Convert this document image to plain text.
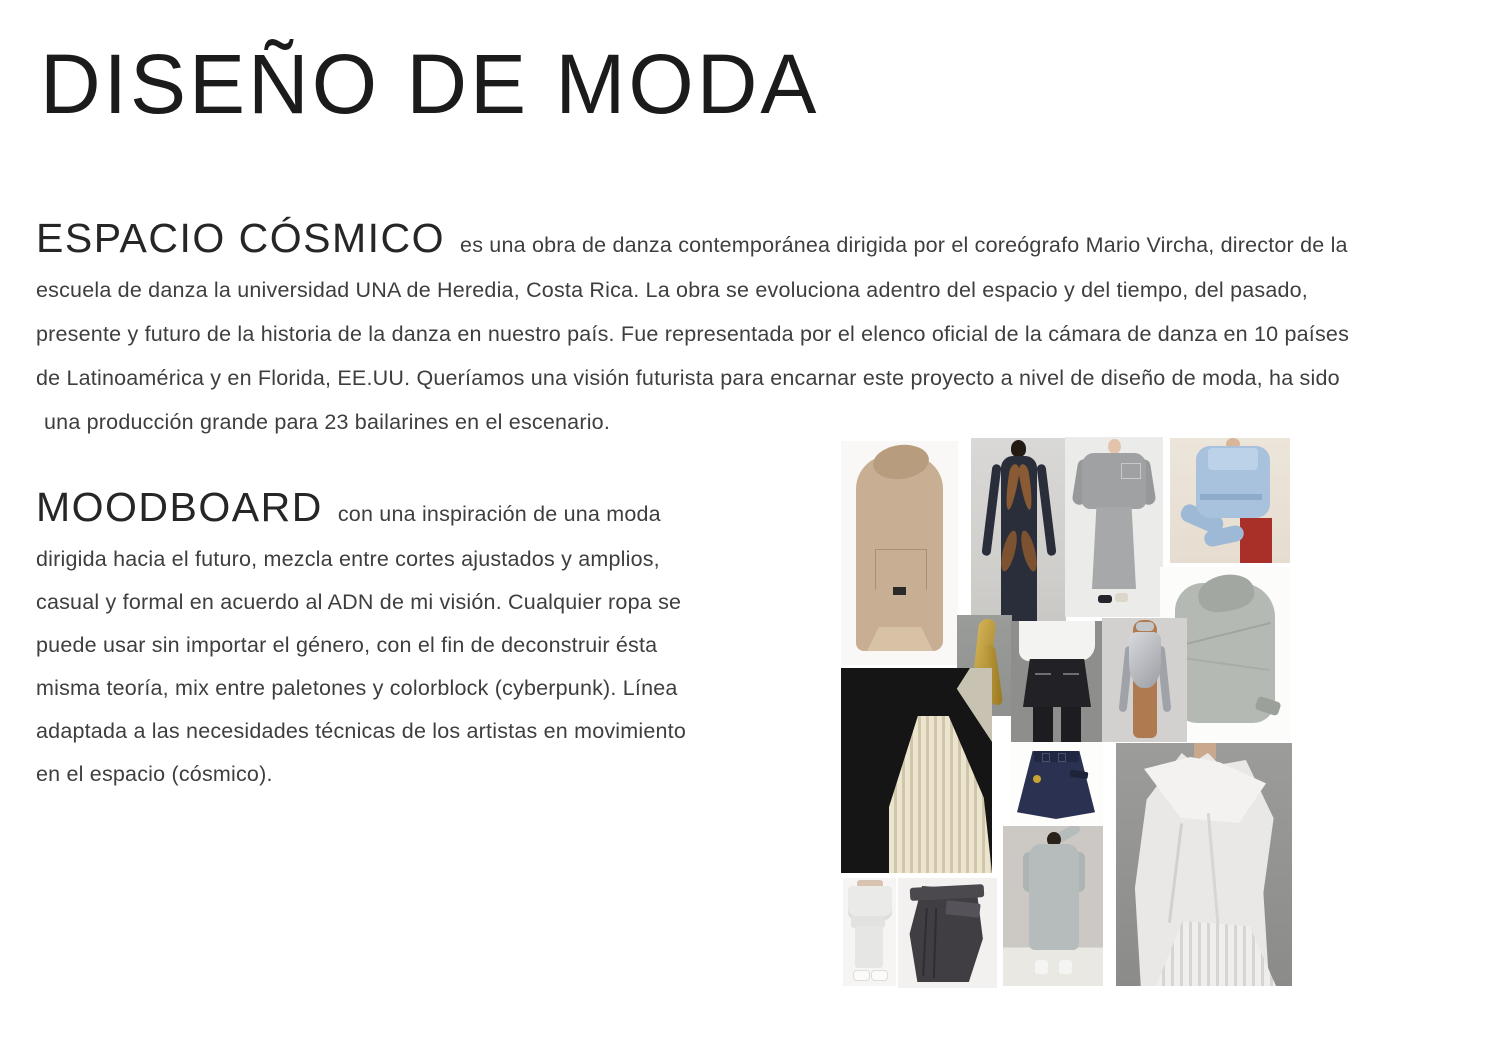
DISEÑO DE MODA
ESPACIO CÓSMICO es una obra de danza contemporánea dirigida por el coreógrafo Mario Vircha, director de la
escuela de danza la universidad UNA de Heredia, Costa Rica. La obra se evoluciona adentro del espacio y del tiempo, del pasado,
presente y futuro de la historia de la danza en nuestro país. Fue representada por el elenco oficial de la cámara de danza en 10 países
de Latinoamérica y en Florida, EE.UU. Queríamos una visión futurista para encarnar este proyecto a nivel de diseño de moda, ha sido
una producción grande para 23 bailarines en el escenario.
MOODBOARD con una inspiración de una moda
dirigida hacia el futuro, mezcla entre cortes ajustados y amplios,
casual y formal en acuerdo al ADN de mi visión. Cualquier ropa se
puede usar sin importar el género, con el fin de deconstruir ésta
misma teoría, mix entre paletones y colorblock (cyberpunk). Línea
adaptada a las necesidades técnicas de los artistas en movimiento
en el espacio (cósmico).
